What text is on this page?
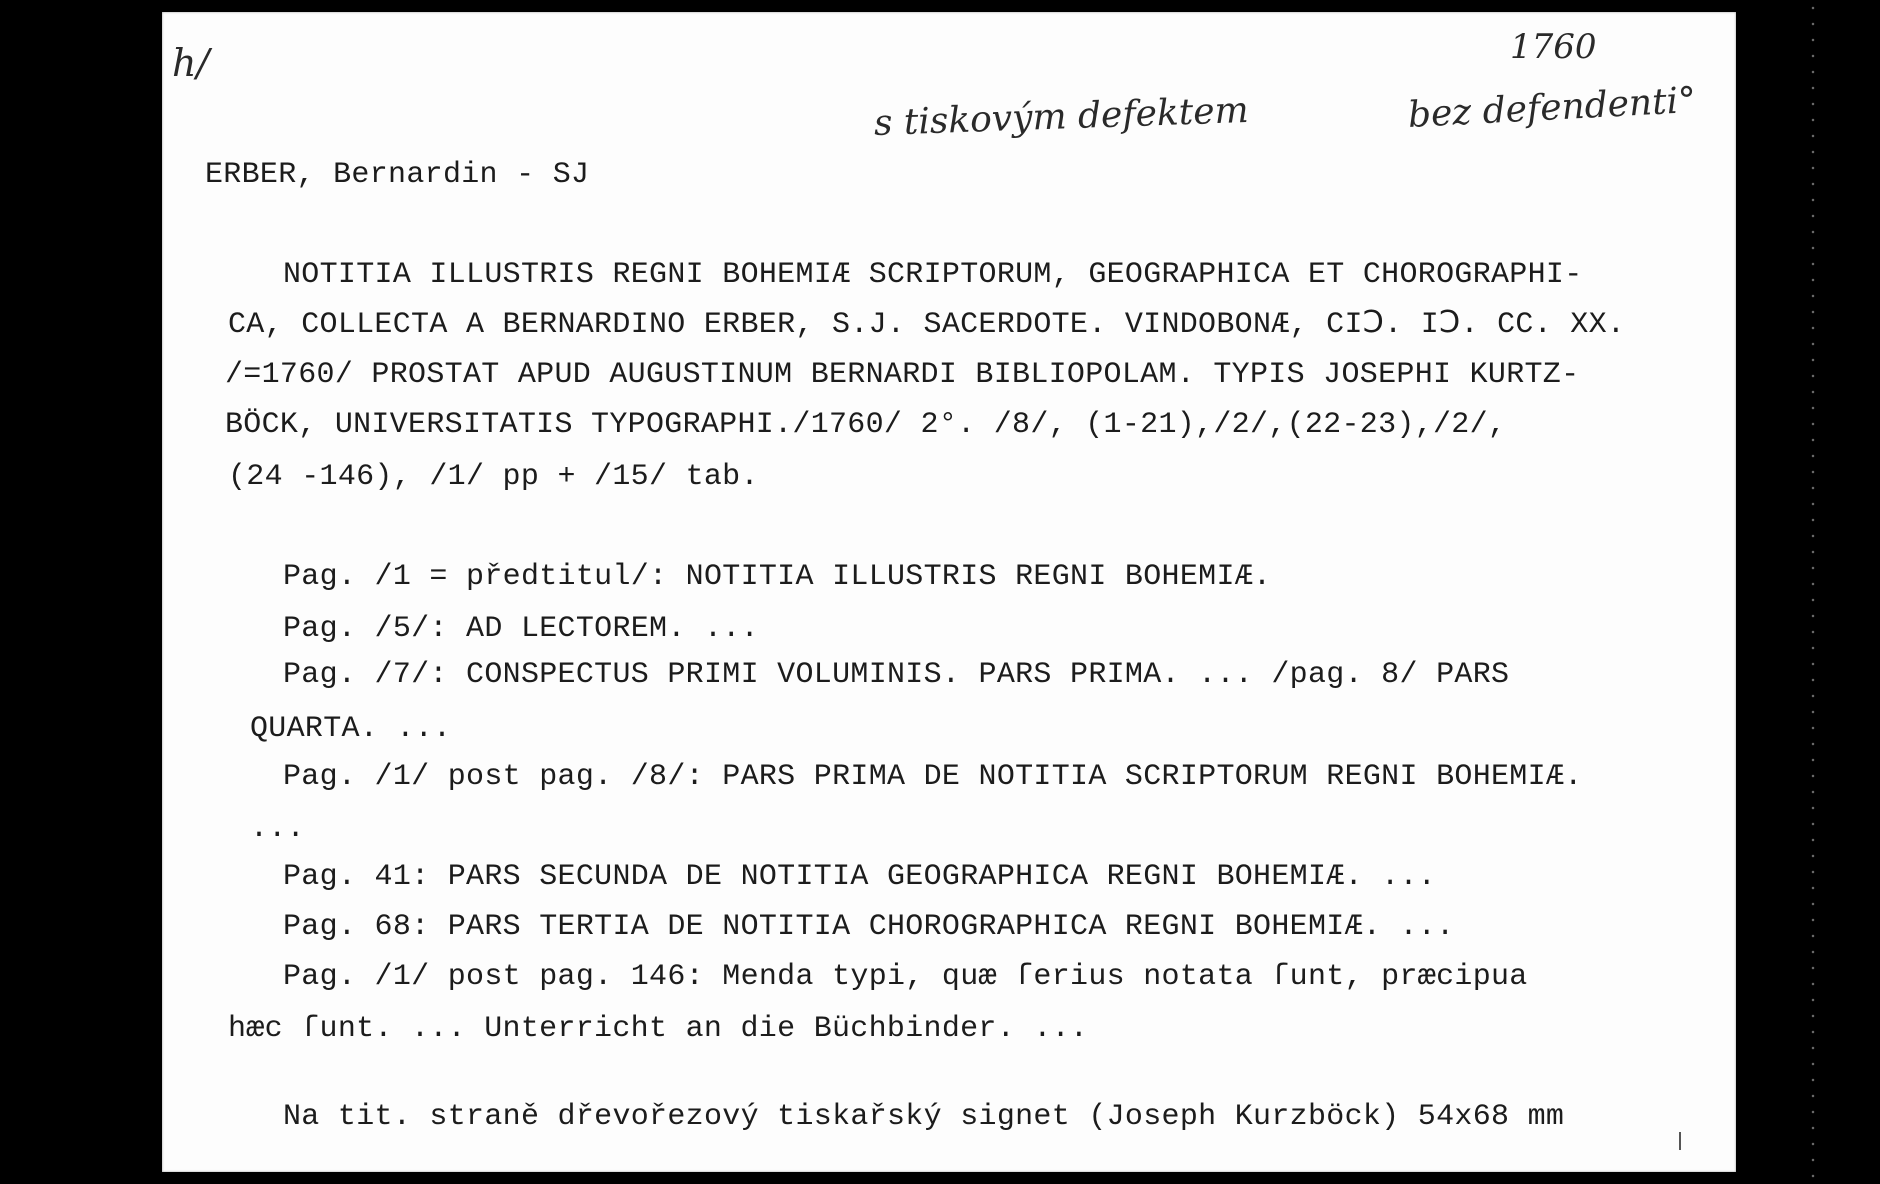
h/	1760
s tiskovým defektem	bez defendenti°
ERBER, Bernardin - SJ
NOTITIA ILLUSTRIS REGNI BOHEMIÆ SCRIPTORUM, GEOGRAPHICA ET CHOROGRAPHI-
CA, COLLECTA A BERNARDINO ERBER, S.J. SACERDOTE. VINDOBONÆ, CIↃ. IↃ. CC. XX.
/=1760/ PROSTAT APUD AUGUSTINUM BERNARDI BIBLIOPOLAM. TYPIS JOSEPHI KURTZ-
BÖCK, UNIVERSITATIS TYPOGRAPHI./1760/ 2°. /8/, (1-21),/2/,(22-23),/2/,
(24 -146), /1/ pp + /15/ tab.
Pag. /1 = předtitul/: NOTITIA ILLUSTRIS REGNI BOHEMIÆ.
Pag. /5/: AD LECTOREM. ...
Pag. /7/: CONSPECTUS PRIMI VOLUMINIS. PARS PRIMA. ... /pag. 8/ PARS
QUARTA. ...
Pag. /1/ post pag. /8/: PARS PRIMA DE NOTITIA SCRIPTORUM REGNI BOHEMIÆ.
...
Pag. 41: PARS SECUNDA DE NOTITIA GEOGRAPHICA REGNI BOHEMIÆ. ...
Pag. 68: PARS TERTIA DE NOTITIA CHOROGRAPHICA REGNI BOHEMIÆ. ...
Pag. /1/ post pag. 146: Menda typi, quæ ſerius notata ſunt, præcipua
hæc ſunt. ... Unterricht an die Büchbinder. ...
Na tit. straně dřevořezový tiskařský signet (Joseph Kurzböck) 54x68 mm
